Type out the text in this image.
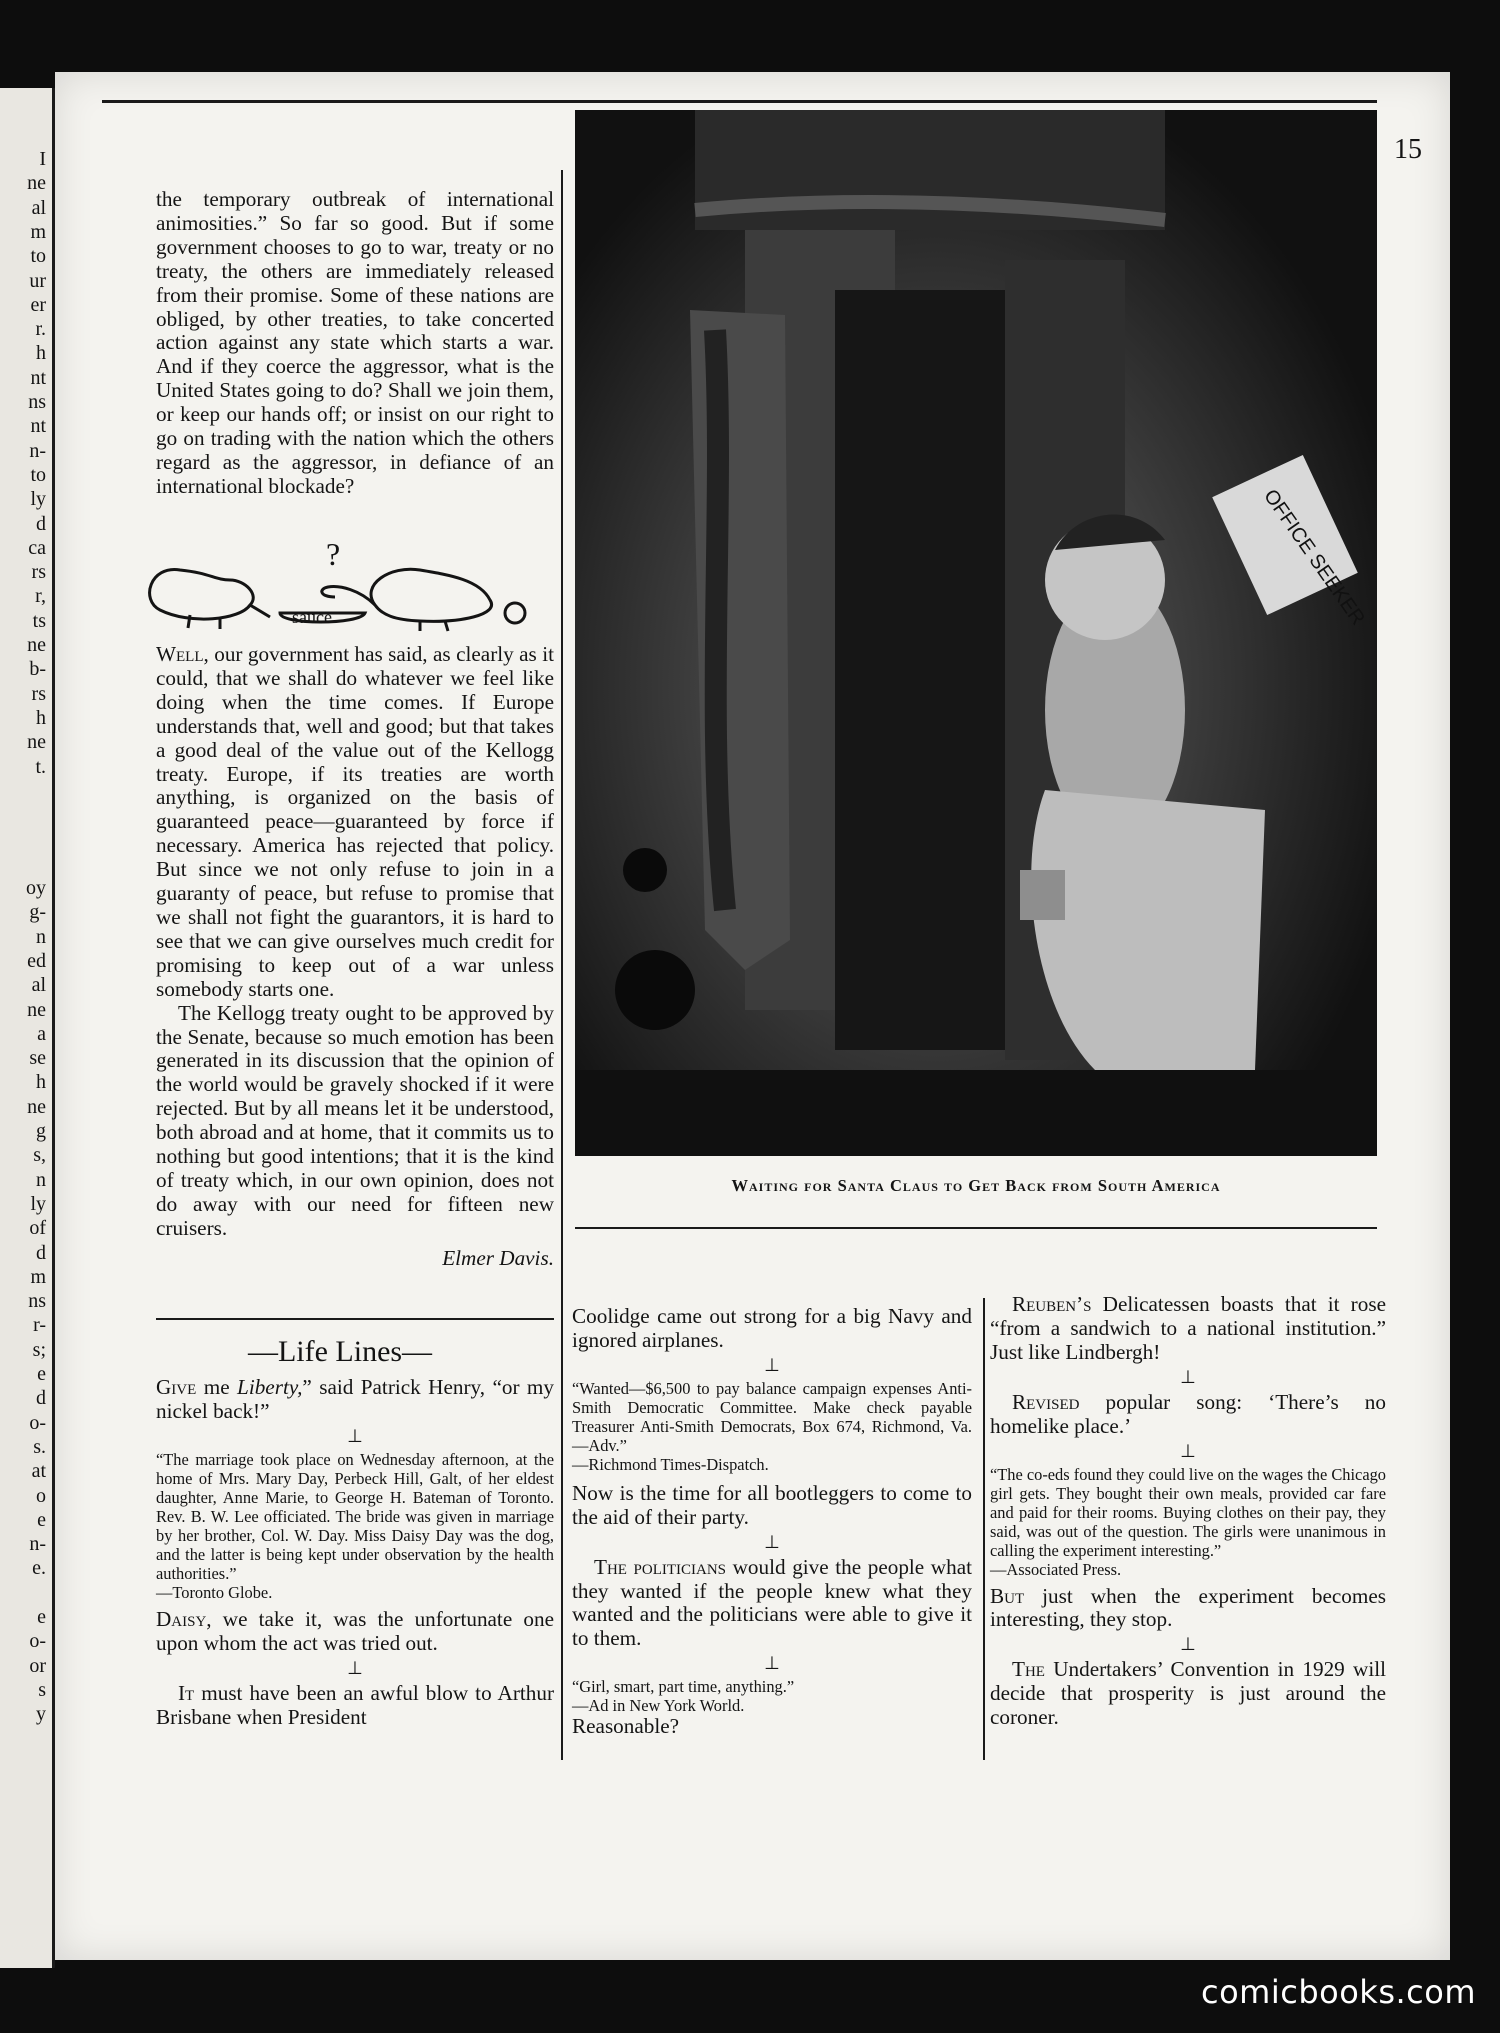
I
ne
al
m
to
ur
er
r.
h
nt
ns
nt
n-
to
ly
d
ca
rs
r,
ts
ne
b-
rs
h
ne
t.
oy
g-
n
ed
al
ne
a
se
h
ne
g
s,
n
ly
of
d
m
ns
r-
s;
e
d
o-
s.
at
o
e
n-
e.
e
o-
or
s
y
15

the temporary outbreak of international animosities.” So far so good. But if some government chooses to go to war, treaty or no treaty, the others are immediately released from their promise. Some of these nations are obliged, by other treaties, to take concerted action against any state which starts a war. And if they coerce the aggressor, what is the United States going to do? Shall we join them, or keep our hands off; or insist on our right to go on trading with the nation which the others regard as the aggressor, in defiance of an international blockade?

sauce
?

Well, our government has said, as clearly as it could, that we shall do whatever we feel like doing when the time comes. If Europe understands that, well and good; but that takes a good deal of the value out of the Kellogg treaty. Europe, if its treaties are worth anything, is organized on the basis of guaranteed peace—guaranteed by force if necessary. America has rejected that policy. But since we not only refuse to join in a guaranty of peace, but refuse to promise that we shall not fight the guarantors, it is hard to see that we can give ourselves much credit for promising to keep out of a war unless somebody starts one.

The Kellogg treaty ought to be approved by the Senate, because so much emotion has been generated in its discussion that the opinion of the world would be gravely shocked if it were rejected. But by all means let it be understood, both abroad and at home, that it commits us to nothing but good intentions; that it is the kind of treaty which, in our own opinion, does not do away with our need for fifteen new cruisers.

Elmer Davis.

OFFICE SEEKER
Waiting for Santa Claus to Get Back from South America
—Life Lines—

Give me Liberty,” said Patrick Henry, “or my nickel back!”

⊥

“The marriage took place on Wednesday afternoon, at the home of Mrs. Mary Day, Perbeck Hill, Galt, of her eldest daughter, Anne Marie, to George H. Bateman of Toronto. Rev. B. W. Lee officiated. The bride was given in marriage by her brother, Col. W. Day. Miss Daisy Day was the dog, and the latter is being kept under observation by the health authorities.”

—Toronto Globe.

Daisy, we take it, was the unfortunate one upon whom the act was tried out.

⊥

It must have been an awful blow to Arthur Brisbane when President

Coolidge came out strong for a big Navy and ignored airplanes.

⊥

“Wanted—$6,500 to pay balance campaign expenses Anti-Smith Democratic Committee. Make check payable Treasurer Anti-Smith Democrats, Box 674, Richmond, Va.—Adv.”

—Richmond Times-Dispatch.

Now is the time for all bootleggers to come to the aid of their party.

⊥

The politicians would give the people what they wanted if the people knew what they wanted and the politicians were able to give it to them.

⊥

“Girl, smart, part time, anything.”

—Ad in New York World.

Reasonable?

Reuben’s Delicatessen boasts that it rose “from a sandwich to a national institution.” Just like Lindbergh!

⊥

Revised popular song: ‘There’s no homelike place.’

⊥

“The co-eds found they could live on the wages the Chicago girl gets. They bought their own meals, provided car fare and paid for their rooms. Buying clothes on their pay, they said, was out of the question. The girls were unanimous in calling the experiment interesting.”

—Associated Press.

But just when the experiment becomes interesting, they stop.

⊥

The Undertakers’ Convention in 1929 will decide that prosperity is just around the coroner.

comicbooks.com
